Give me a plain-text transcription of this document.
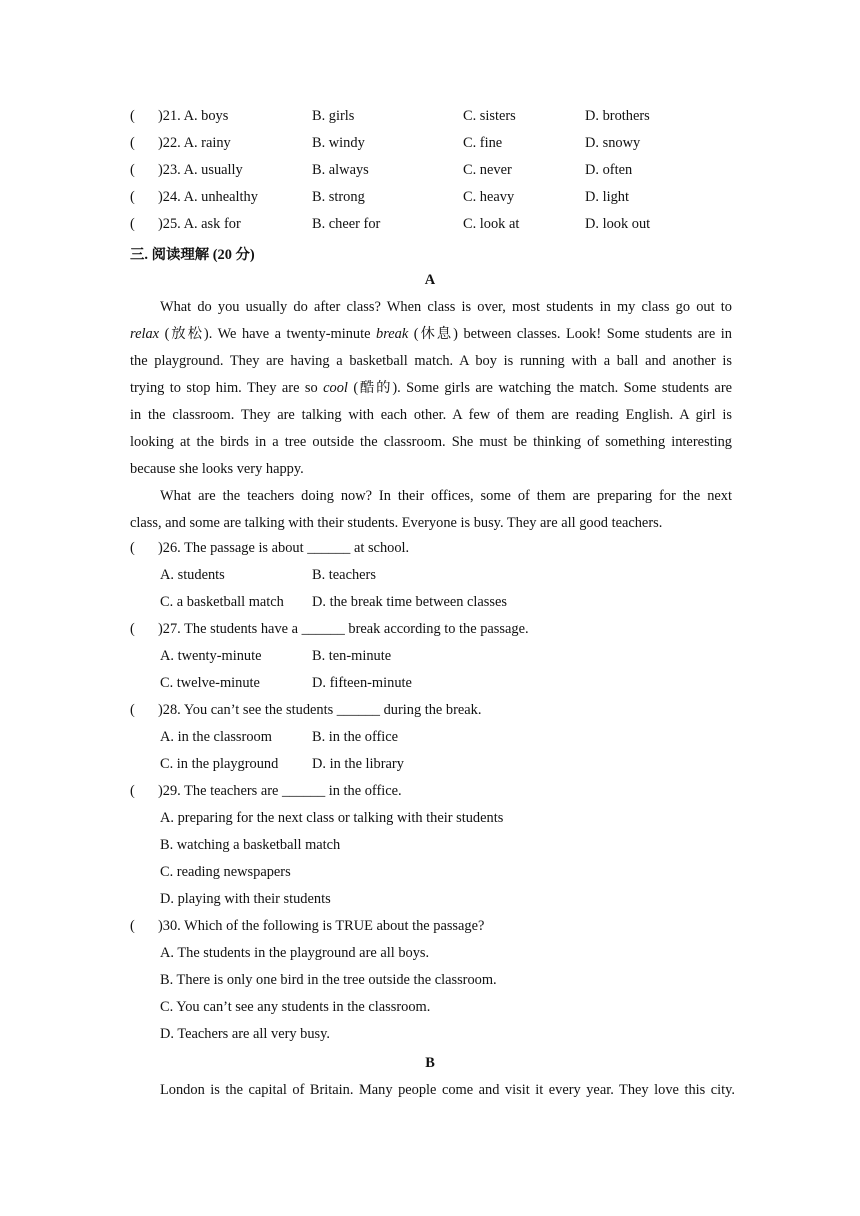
( )21. A. boys	B. girls	C. sisters	D. brothers
( )22. A. rainy	B. windy	C. fine	D. snowy
( )23. A. usually	B. always	C. never	D. often
( )24. A. unhealthy	B. strong	C. heavy	D. light
( )25. A. ask for	B. cheer for	C. look at	D. look out
三. 阅读理解 (20 分)
A
What do you usually do after class? When class is over, most students in my class go out to
relax (放松). We have a twenty-minute break (休息) between classes. Look! Some students are in
the playground. They are having a basketball match. A boy is running with a ball and another is
trying to stop him. They are so cool (酷的). Some girls are watching the match. Some students are
in the classroom. They are talking with each other. A few of them are reading English. A girl is
looking at the birds in a tree outside the classroom. She must be thinking of something interesting
because she looks very happy.
What are the teachers doing now? In their offices, some of them are preparing for the next
class, and some are talking with their students. Everyone is busy. They are all good teachers.
( )26. The passage is about ______ at school.
A. students	B. teachers
C. a basketball match D. the break time between classes
( )27. The students have a ______ break according to the passage.
A. twenty-minute	B. ten-minute
C. twelve-minute	D. fifteen-minute
( )28. You can’t see the students ______ during the break.
A. in the classroom	B. in the office
C. in the playground D. in the library
( )29. The teachers are ______ in the office.
A. preparing for the next class or talking with their students
B. watching a basketball match
C. reading newspapers
D. playing with their students
( )30. Which of the following is TRUE about the passage?
A. The students in the playground are all boys.
B. There is only one bird in the tree outside the classroom.
C. You can’t see any students in the classroom.
D. Teachers are all very busy.
B
London is the capital of Britain. Many people come and visit it every year. They love this city.
